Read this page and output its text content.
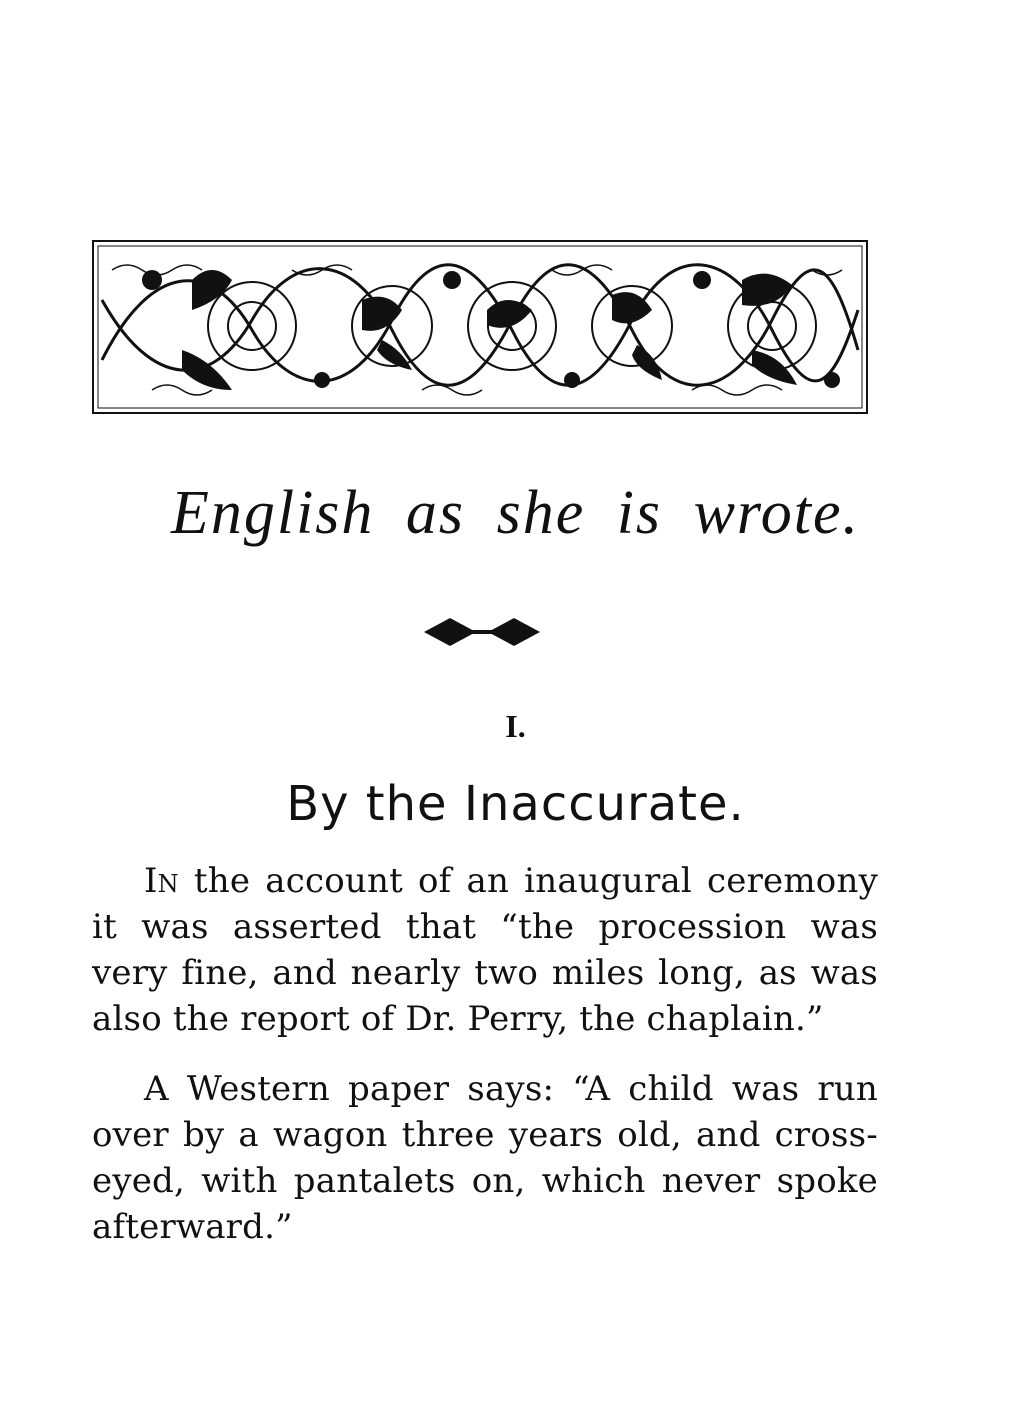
English as she is wrote.
I.
By the Inaccurate.

In the account of an inaugural ceremony it was asserted that “the procession was very fine, and nearly two miles long, as was also the report of Dr. Perry, the chaplain.”

A Western paper says: “A child was run over by a wagon three years old, and cross-eyed, with pantalets on, which never spoke afterward.”
